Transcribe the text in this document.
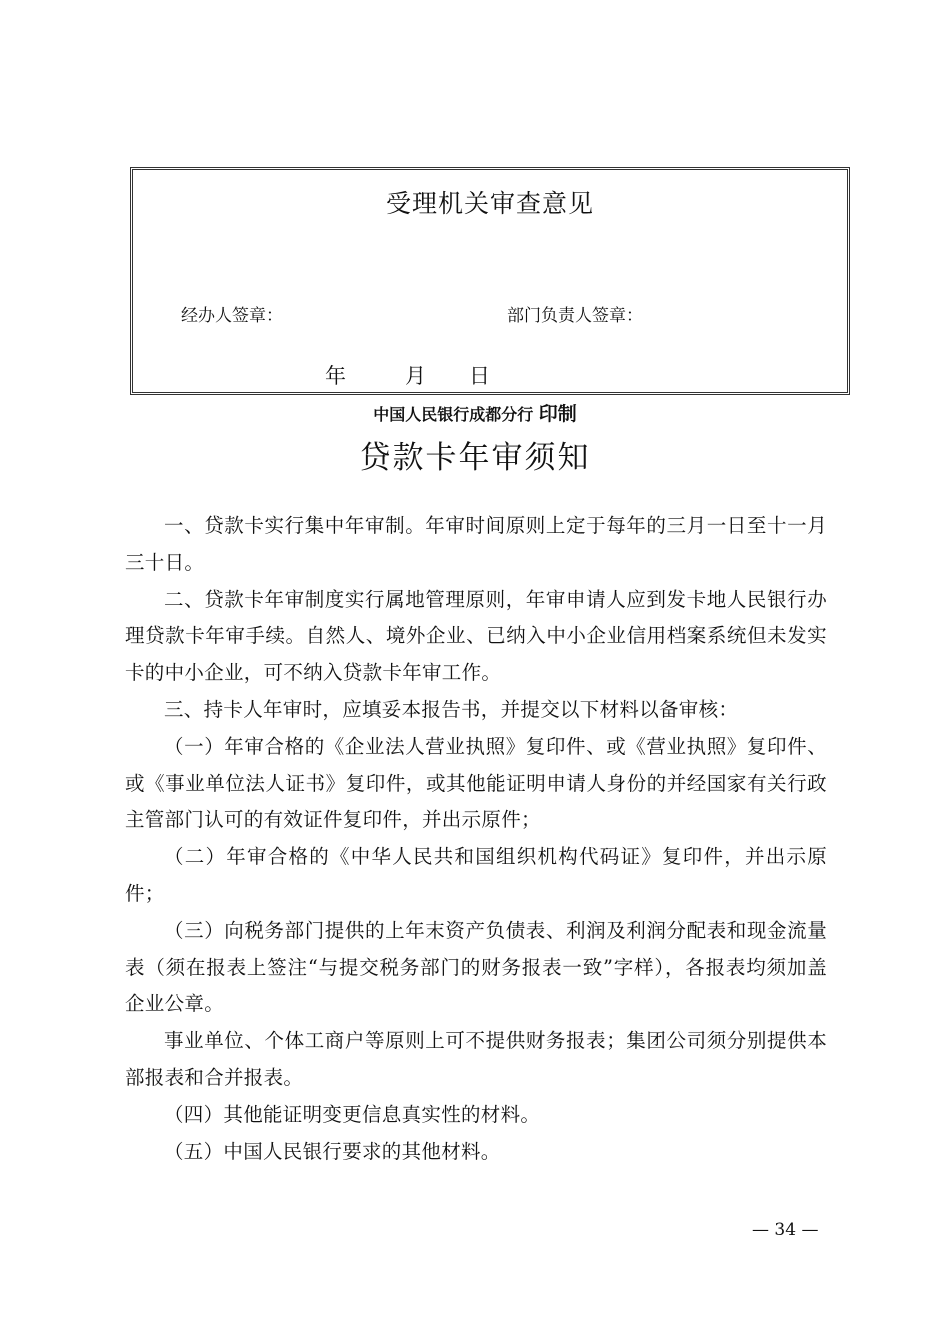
受理机关审查意见
经办人签章：	部门负责人签章：
年	月 日
中国人民银行成都分行 印制
贷款卡年审须知

一、贷款卡实行集中年审制。年审时间原则上定于每年的三月一日至十一月三十日。

二、贷款卡年审制度实行属地管理原则，年审申请人应到发卡地人民银行办理贷款卡年审手续。自然人、境外企业、已纳入中小企业信用档案系统但未发实卡的中小企业，可不纳入贷款卡年审工作。

三、持卡人年审时，应填妥本报告书，并提交以下材料以备审核：

（一）年审合格的《企业法人营业执照》复印件、或《营业执照》复印件、或《事业单位法人证书》复印件，或其他能证明申请人身份的并经国家有关行政主管部门认可的有效证件复印件，并出示原件；

（二）年审合格的《中华人民共和国组织机构代码证》复印件，并出示原件；

（三）向税务部门提供的上年末资产负债表、利润及利润分配表和现金流量表（须在报表上签注“与提交税务部门的财务报表一致”字样），各报表均须加盖企业公章。

事业单位、个体工商户等原则上可不提供财务报表；集团公司须分别提供本部报表和合并报表。

（四）其他能证明变更信息真实性的材料。

（五）中国人民银行要求的其他材料。

— 34 —
